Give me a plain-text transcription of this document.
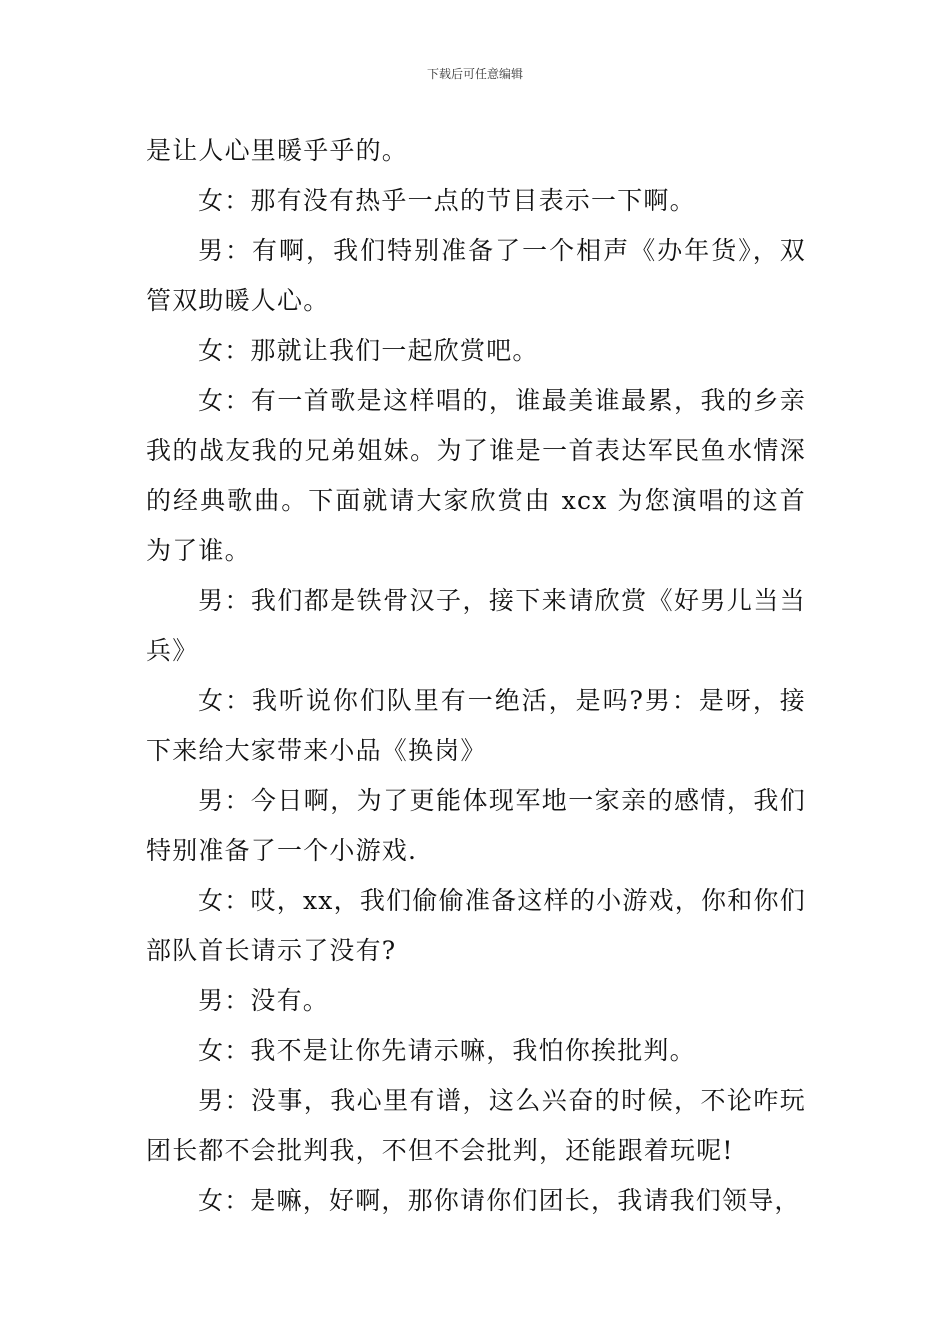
下载后可任意编辑

是让人心里暖乎乎的。

女：那有没有热乎一点的节目表示一下啊。

男：有啊，我们特别准备了一个相声《办年货》，双管双助暖人心。

女：那就让我们一起欣赏吧。

女：有一首歌是这样唱的，谁最美谁最累，我的乡亲我的战友我的兄弟姐妹。为了谁是一首表达军民鱼水情深的经典歌曲。下面就请大家欣赏由 xcx 为您演唱的这首为了谁。

男：我们都是铁骨汉子，接下来请欣赏《好男儿当当兵》

女：我听说你们队里有一绝活，是吗?男：是呀，接下来给大家带来小品《换岗》

男：今日啊，为了更能体现军地一家亲的感情，我们特别准备了一个小游戏.

女：哎，xx，我们偷偷准备这样的小游戏，你和你们部队首长请示了没有?

男：没有。

女：我不是让你先请示嘛，我怕你挨批判。

男：没事，我心里有谱，这么兴奋的时候，不论咋玩团长都不会批判我，不但不会批判，还能跟着玩呢!

女：是嘛，好啊，那你请你们团长，我请我们领导，
